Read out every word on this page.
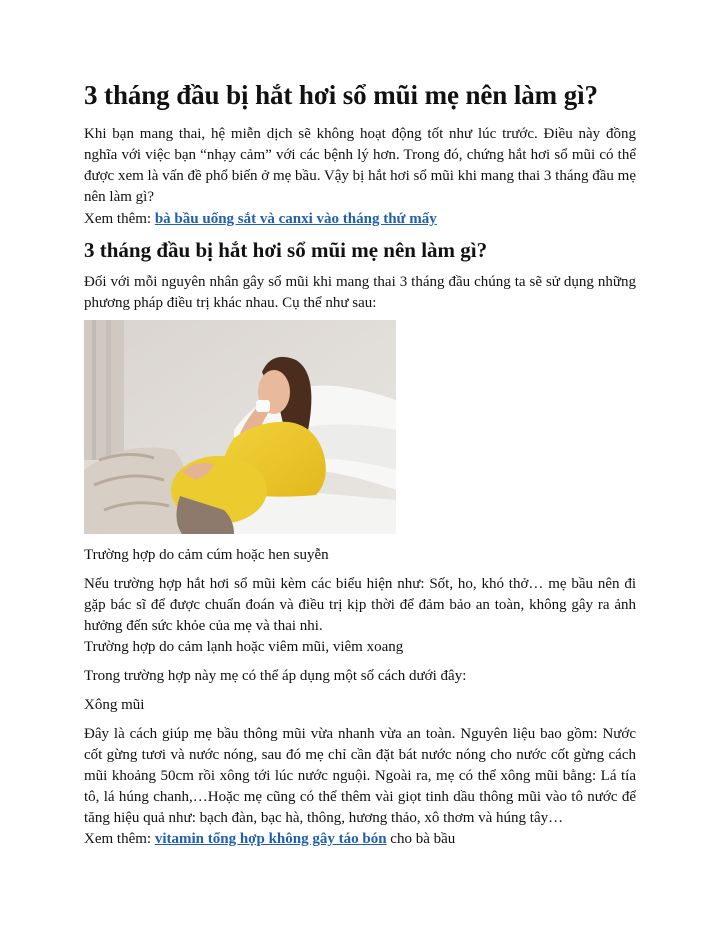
3 tháng đầu bị hắt hơi sổ mũi mẹ nên làm gì?

Khi bạn mang thai, hệ miễn dịch sẽ không hoạt động tốt như lúc trước. Điều này đồng nghĩa với việc bạn “nhạy cảm” với các bệnh lý hơn. Trong đó, chứng hắt hơi sổ mũi có thể được xem là vấn đề phổ biến ở mẹ bầu. Vậy bị hắt hơi sổ mũi khi mang thai 3 tháng đầu mẹ nên làm gì?

Xem thêm: bà bầu uống sắt và canxi vào tháng thứ mấy

3 tháng đầu bị hắt hơi sổ mũi mẹ nên làm gì?

Đối với mỗi nguyên nhân gây sổ mũi khi mang thai 3 tháng đầu chúng ta sẽ sử dụng những phương pháp điều trị khác nhau. Cụ thể như sau:

Trường hợp do cảm cúm hoặc hen suyễn

Nếu trường hợp hắt hơi sổ mũi kèm các biểu hiện như: Sốt, ho, khó thở… mẹ bầu nên đi gặp bác sĩ để được chuẩn đoán và điều trị kịp thời để đảm bảo an toàn, không gây ra ảnh hưởng đến sức khỏe của mẹ và thai nhi.

Trường hợp do cảm lạnh hoặc viêm mũi, viêm xoang

Trong trường hợp này mẹ có thể áp dụng một số cách dưới đây:

Xông mũi

Đây là cách giúp mẹ bầu thông mũi vừa nhanh vừa an toàn. Nguyên liệu bao gồm: Nước cốt gừng tươi và nước nóng, sau đó mẹ chỉ cần đặt bát nước nóng cho nước cốt gừng cách mũi khoảng 50cm rồi xông tới lúc nước nguội. Ngoài ra, mẹ có thể xông mũi bằng: Lá tía tô, lá húng chanh,…Hoặc mẹ cũng có thể thêm vài giọt tinh dầu thông mũi vào tô nước để tăng hiệu quả như: bạch đàn, bạc hà, thông, hương thảo, xô thơm và húng tây…

Xem thêm: vitamin tổng hợp không gây táo bón cho bà bầu
